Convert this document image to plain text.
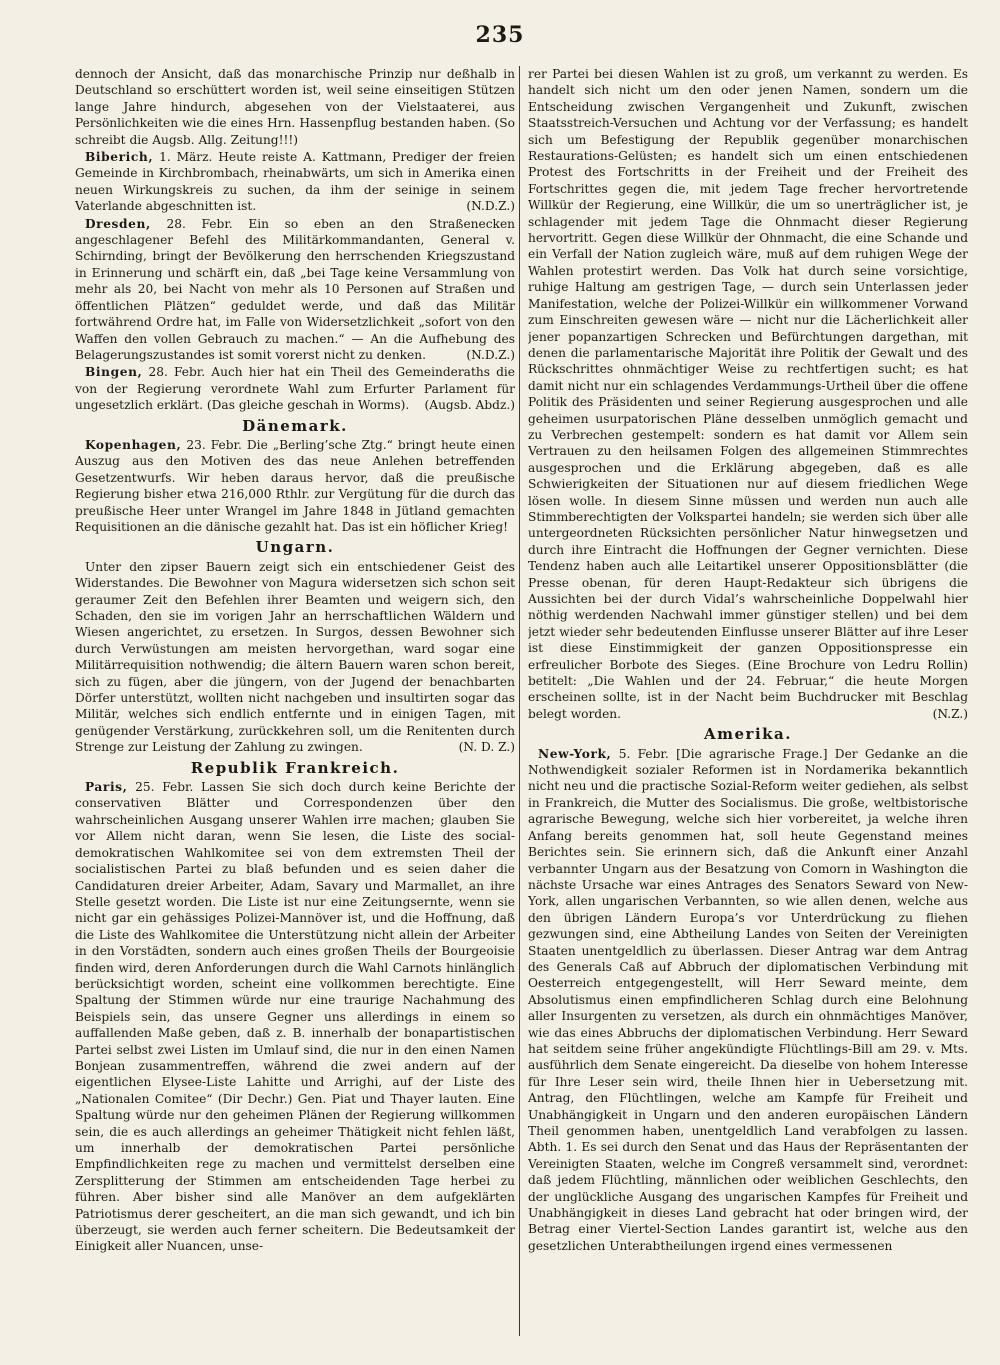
235

dennoch der Ansicht, daß das monarchische Prinzip nur deßhalb in Deutschland so erschüttert worden ist, weil seine einseitigen Stützen lange Jahre hindurch, abgesehen von der Vielstaaterei, aus Persönlichkeiten wie die eines Hrn. Hassenpflug bestanden haben. (So schreibt die Augsb. Allg. Zeitung!!!)

Biberich, 1. März. Heute reiste A. Kattmann, Prediger der freien Gemeinde in Kirchbrombach, rheinabwärts, um sich in Amerika einen neuen Wirkungskreis zu suchen, da ihm der seinige in seinem Vaterlande abgeschnitten ist.	(N.D.Z.)

Dresden, 28. Febr. Ein so eben an den Straßenecken angeschlagener Befehl des Militärkommandanten, General v. Schirnding, bringt der Bevölkerung den herrschenden Kriegszustand in Erinnerung und schärft ein, daß „bei Tage keine Versammlung von mehr als 20, bei Nacht von mehr als 10 Personen auf Straßen und öffentlichen Plätzen“ geduldet werde, und daß das Militär fortwährend Ordre hat, im Falle von Widersetzlichkeit „sofort von den Waffen den vollen Gebrauch zu machen.“ — An die Aufhebung des Belagerungszustandes ist somit vorerst nicht zu denken.	(N.D.Z.)

Bingen, 28. Febr. Auch hier hat ein Theil des Gemeinderaths die von der Regierung verordnete Wahl zum Erfurter Parlament für ungesetzlich erklärt. (Das gleiche geschah in Worms).	(Augsb. Abdz.)

Dänemark.

Kopenhagen, 23. Febr. Die „Berling’sche Ztg.“ bringt heute einen Auszug aus den Motiven des das neue Anlehen betreffenden Gesetzentwurfs. Wir heben daraus hervor, daß die preußische Regierung bisher etwa 216,000 Rthlr. zur Vergütung für die durch das preußische Heer unter Wrangel im Jahre 1848 in Jütland gemachten Requisitionen an die dänische gezahlt hat. Das ist ein höflicher Krieg!

Ungarn.

Unter den zipser Bauern zeigt sich ein entschiedener Geist des Widerstandes. Die Bewohner von Magura widersetzen sich schon seit geraumer Zeit den Befehlen ihrer Beamten und weigern sich, den Schaden, den sie im vorigen Jahr an herrschaftlichen Wäldern und Wiesen angerichtet, zu ersetzen. In Surgos, dessen Bewohner sich durch Verwüstungen am meisten hervorgethan, ward sogar eine Militärrequisition nothwendig; die ältern Bauern waren schon bereit, sich zu fügen, aber die jüngern, von der Jugend der benachbarten Dörfer unterstützt, wollten nicht nachgeben und insultirten sogar das Militär, welches sich endlich entfernte und in einigen Tagen, mit genügender Verstärkung, zurückkehren soll, um die Renitenten durch Strenge zur Leistung der Zahlung zu zwingen.	(N. D. Z.)

Republik Frankreich.

Paris, 25. Febr. Lassen Sie sich doch durch keine Berichte der conservativen Blätter und Correspondenzen über den wahrscheinlichen Ausgang unserer Wahlen irre machen; glauben Sie vor Allem nicht daran, wenn Sie lesen, die Liste des social-demokratischen Wahlkomitee sei von dem extremsten Theil der socialistischen Partei zu blaß befunden und es seien daher die Candidaturen dreier Arbeiter, Adam, Savary und Marmallet, an ihre Stelle gesetzt worden. Die Liste ist nur eine Zeitungsernte, wenn sie nicht gar ein gehässiges Polizei-Mannöver ist, und die Hoffnung, daß die Liste des Wahlkomitee die Unterstützung nicht allein der Arbeiter in den Vorstädten, sondern auch eines großen Theils der Bourgeoisie finden wird, deren Anforderungen durch die Wahl Carnots hinlänglich berücksichtigt worden, scheint eine vollkommen berechtigte. Eine Spaltung der Stimmen würde nur eine traurige Nachahmung des Beispiels sein, das unsere Gegner uns allerdings in einem so auffallenden Maße geben, daß z. B. innerhalb der bonapartistischen Partei selbst zwei Listen im Umlauf sind, die nur in den einen Namen Bonjean zusammentreffen, während die zwei andern auf der eigentlichen Elysee-Liste Lahitte und Arrighi, auf der Liste des „Nationalen Comitee“ (Dir Dechr.) Gen. Piat und Thayer lauten. Eine Spaltung würde nur den geheimen Plänen der Regierung willkommen sein, die es auch allerdings an geheimer Thätigkeit nicht fehlen läßt, um innerhalb der demokratischen Partei persönliche Empfindlichkeiten rege zu machen und vermittelst derselben eine Zersplitterung der Stimmen am entscheidenden Tage herbei zu führen. Aber bisher sind alle Manöver an dem aufgeklärten Patriotismus derer gescheitert, an die man sich gewandt, und ich bin überzeugt, sie werden auch ferner scheitern. Die Bedeutsamkeit der Einigkeit aller Nuancen, unse-

rer Partei bei diesen Wahlen ist zu groß, um verkannt zu werden. Es handelt sich nicht um den oder jenen Namen, sondern um die Entscheidung zwischen Vergangenheit und Zukunft, zwischen Staatsstreich-Versuchen und Achtung vor der Verfassung; es handelt sich um Befestigung der Republik gegenüber monarchischen Restaurations-Gelüsten; es handelt sich um einen entschiedenen Protest des Fortschritts in der Freiheit und der Freiheit des Fortschrittes gegen die, mit jedem Tage frecher hervortretende Willkür der Regierung, eine Willkür, die um so unerträglicher ist, je schlagender mit jedem Tage die Ohnmacht dieser Regierung hervortritt. Gegen diese Willkür der Ohnmacht, die eine Schande und ein Verfall der Nation zugleich wäre, muß auf dem ruhigen Wege der Wahlen protestirt werden. Das Volk hat durch seine vorsichtige, ruhige Haltung am gestrigen Tage, — durch sein Unterlassen jeder Manifestation, welche der Polizei-Willkür ein willkommener Vorwand zum Einschreiten gewesen wäre — nicht nur die Lächerlichkeit aller jener popanzartigen Schrecken und Befürchtungen dargethan, mit denen die parlamentarische Majorität ihre Politik der Gewalt und des Rückschrittes ohnmächtiger Weise zu rechtfertigen sucht; es hat damit nicht nur ein schlagendes Verdammungs-Urtheil über die offene Politik des Präsidenten und seiner Regierung ausgesprochen und alle geheimen usurpatorischen Pläne desselben unmöglich gemacht und zu Verbrechen gestempelt: sondern es hat damit vor Allem sein Vertrauen zu den heilsamen Folgen des allgemeinen Stimmrechtes ausgesprochen und die Erklärung abgegeben, daß es alle Schwierigkeiten der Situationen nur auf diesem friedlichen Wege lösen wolle. In diesem Sinne müssen und werden nun auch alle Stimmberechtigten der Volkspartei handeln; sie werden sich über alle untergeordneten Rücksichten persönlicher Natur hinwegsetzen und durch ihre Eintracht die Hoffnungen der Gegner vernichten. Diese Tendenz haben auch alle Leitartikel unserer Oppositionsblätter (die Presse obenan, für deren Haupt-Redakteur sich übrigens die Aussichten bei der durch Vidal’s wahrscheinliche Doppelwahl hier nöthig werdenden Nachwahl immer günstiger stellen) und bei dem jetzt wieder sehr bedeutenden Einflusse unserer Blätter auf ihre Leser ist diese Einstimmigkeit der ganzen Oppositionspresse ein erfreulicher Borbote des Sieges. (Eine Brochure von Ledru Rollin) betitelt: „Die Wahlen und der 24. Februar,“ die heute Morgen erscheinen sollte, ist in der Nacht beim Buchdrucker mit Beschlag belegt worden.	(N.Z.)

Amerika.

New-York, 5. Febr. [Die agrarische Frage.] Der Gedanke an die Nothwendigkeit sozialer Reformen ist in Nordamerika bekanntlich nicht neu und die practische Sozial-Reform weiter gediehen, als selbst in Frankreich, die Mutter des Socialismus. Die große, weltbistorische agrarische Bewegung, welche sich hier vorbereitet, ja welche ihren Anfang bereits genommen hat, soll heute Gegenstand meines Berichtes sein. Sie erinnern sich, daß die Ankunft einer Anzahl verbannter Ungarn aus der Besatzung von Comorn in Washington die nächste Ursache war eines Antrages des Senators Seward von New-York, allen ungarischen Verbannten, so wie allen denen, welche aus den übrigen Ländern Europa’s vor Unterdrückung zu fliehen gezwungen sind, eine Abtheilung Landes von Seiten der Vereinigten Staaten unentgeldlich zu überlassen. Dieser Antrag war dem Antrag des Generals Caß auf Abbruch der diplomatischen Verbindung mit Oesterreich entgegengestellt, will Herr Seward meinte, dem Absolutismus einen empfindlicheren Schlag durch eine Belohnung aller Insurgenten zu versetzen, als durch ein ohnmächtiges Manöver, wie das eines Abbruchs der diplomatischen Verbindung. Herr Seward hat seitdem seine früher angekündigte Flüchtlings-Bill am 29. v. Mts. ausführlich dem Senate eingereicht. Da dieselbe von hohem Interesse für Ihre Leser sein wird, theile Ihnen hier in Uebersetzung mit. Antrag, den Flüchtlingen, welche am Kampfe für Freiheit und Unabhängigkeit in Ungarn und den anderen europäischen Ländern Theil genommen haben, unentgeldlich Land verabfolgen zu lassen. Abth. 1. Es sei durch den Senat und das Haus der Repräsentanten der Vereinigten Staaten, welche im Congreß versammelt sind, verordnet: daß jedem Flüchtling, männlichen oder weiblichen Geschlechts, den der unglückliche Ausgang des ungarischen Kampfes für Freiheit und Unabhängigkeit in dieses Land gebracht hat oder bringen wird, der Betrag einer Viertel-Section Landes garantirt ist, welche aus den gesetzlichen Unterabtheilungen irgend eines vermessenen
